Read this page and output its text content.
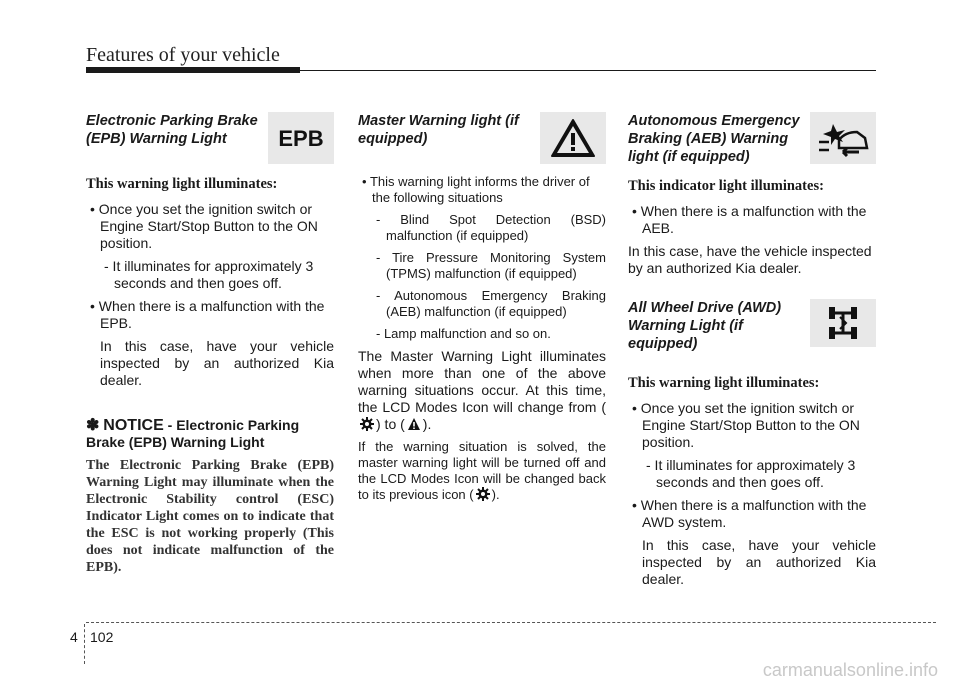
Features of your vehicle
Electronic Parking Brake (EPB) Warning Light	EPB
This warning light illuminates:
• Once you set the ignition switch or Engine Start/Stop Button to the ON position.
- It illuminates for approximately 3 seconds and then goes off.
• When there is a malfunction with the EPB.
In this case, have your vehicle inspected by an authorized Kia dealer.
✽ NOTICE - Electronic Parking Brake (EPB) Warning Light
The Electronic Parking Brake (EPB) Warning Light may illuminate when the Electronic Stability control (ESC) Indicator Light comes on to indicate that the ESC is not working properly (This does not indicate malfunction of the EPB).
Master Warning light (if equipped)
• This warning light informs the driver of the following situations
- Blind Spot Detection (BSD) malfunction (if equipped)
- Tire Pressure Monitoring System (TPMS) malfunction (if equipped)
- Autonomous Emergency Braking (AEB) malfunction (if equipped)
- Lamp malfunction and so on.
The Master Warning Light illuminates when more than one of the above warning situations occur. At this time, the LCD Modes Icon will change from () to ( ).
If the warning situation is solved, the master warning light will be turned off and the LCD Modes Icon will be changed back to its previous icon ( ).
Autonomous Emergency Braking (AEB) Warning light (if equipped)
This indicator light illuminates:
• When there is a malfunction with the AEB.
In this case, have the vehicle inspected by an authorized Kia dealer.
All Wheel Drive (AWD) Warning Light (if equipped)
This warning light illuminates:
• Once you set the ignition switch or Engine Start/Stop Button to the ON position.
- It illuminates for approximately 3 seconds and then goes off.
• When there is a malfunction with the AWD system.
In this case, have your vehicle inspected by an authorized Kia dealer.
4 102
carmanualsonline.info
